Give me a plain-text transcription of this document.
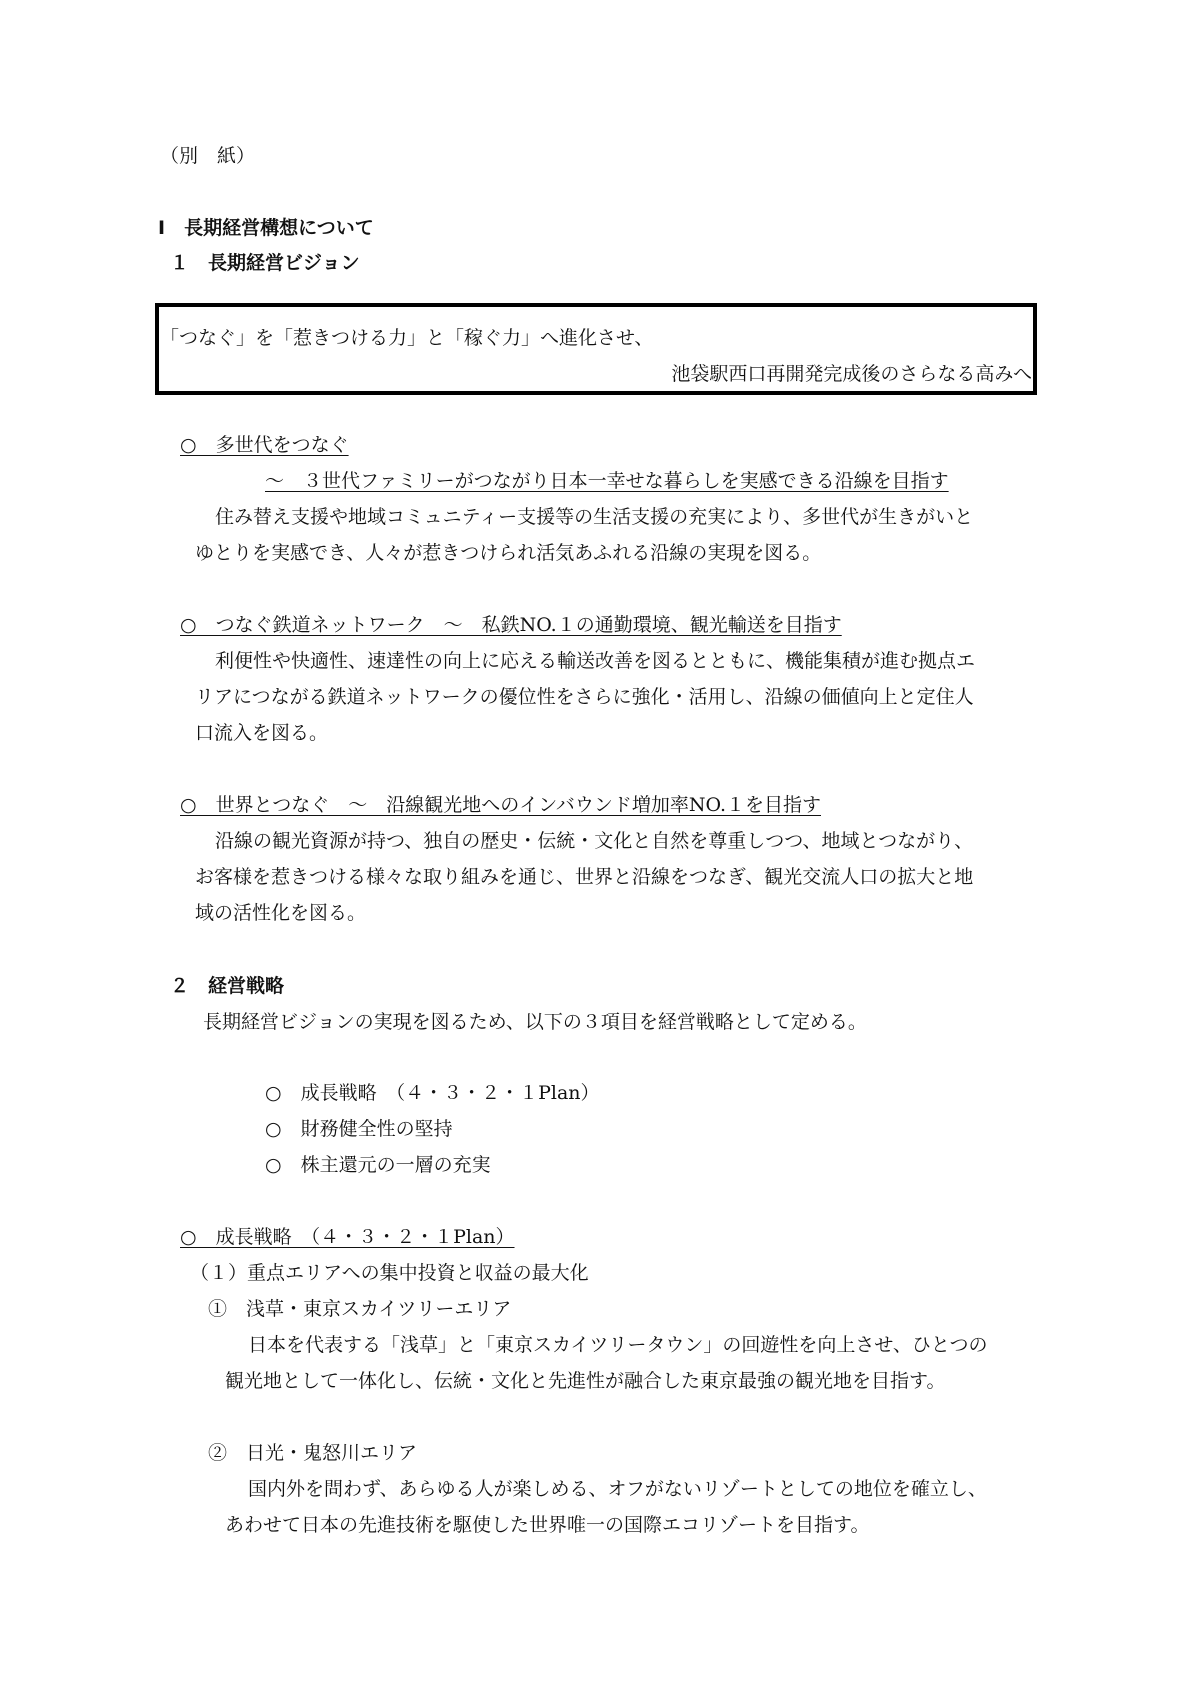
（別　紙）
Ⅰ　長期経営構想について
１　長期経営ビジョン
「つなぐ」を「惹きつける力」と「稼ぐ力」へ進化させ、
池袋駅西口再開発完成後のさらなる高みへ
○　多世代をつなぐ
～　３世代ファミリーがつながり日本一幸せな暮らしを実感できる沿線を目指す
住み替え支援や地域コミュニティー支援等の生活支援の充実により、多世代が生きがいと
ゆとりを実感でき、人々が惹きつけられ活気あふれる沿線の実現を図る。
○　つなぐ鉄道ネットワーク　～　私鉄NO.１の通勤環境、観光輸送を目指す
利便性や快適性、速達性の向上に応える輸送改善を図るとともに、機能集積が進む拠点エ
リアにつながる鉄道ネットワークの優位性をさらに強化・活用し、沿線の価値向上と定住人
口流入を図る。
○　世界とつなぐ　～　沿線観光地へのインバウンド増加率NO.１を目指す
沿線の観光資源が持つ、独自の歴史・伝統・文化と自然を尊重しつつ、地域とつながり、
お客様を惹きつける様々な取り組みを通じ、世界と沿線をつなぎ、観光交流人口の拡大と地
域の活性化を図る。
２　経営戦略
長期経営ビジョンの実現を図るため、以下の３項目を経営戦略として定める。
○　成長戦略　（４・３・２・１Plan）
○　財務健全性の堅持
○　株主還元の一層の充実
○　成長戦略　（４・３・２・１Plan）
（１）重点エリアへの集中投資と収益の最大化
①　浅草・東京スカイツリーエリア
日本を代表する「浅草」と「東京スカイツリータウン」の回遊性を向上させ、ひとつの
観光地として一体化し、伝統・文化と先進性が融合した東京最強の観光地を目指す。
②　日光・鬼怒川エリア
国内外を問わず、あらゆる人が楽しめる、オフがないリゾートとしての地位を確立し、
あわせて日本の先進技術を駆使した世界唯一の国際エコリゾートを目指す。
